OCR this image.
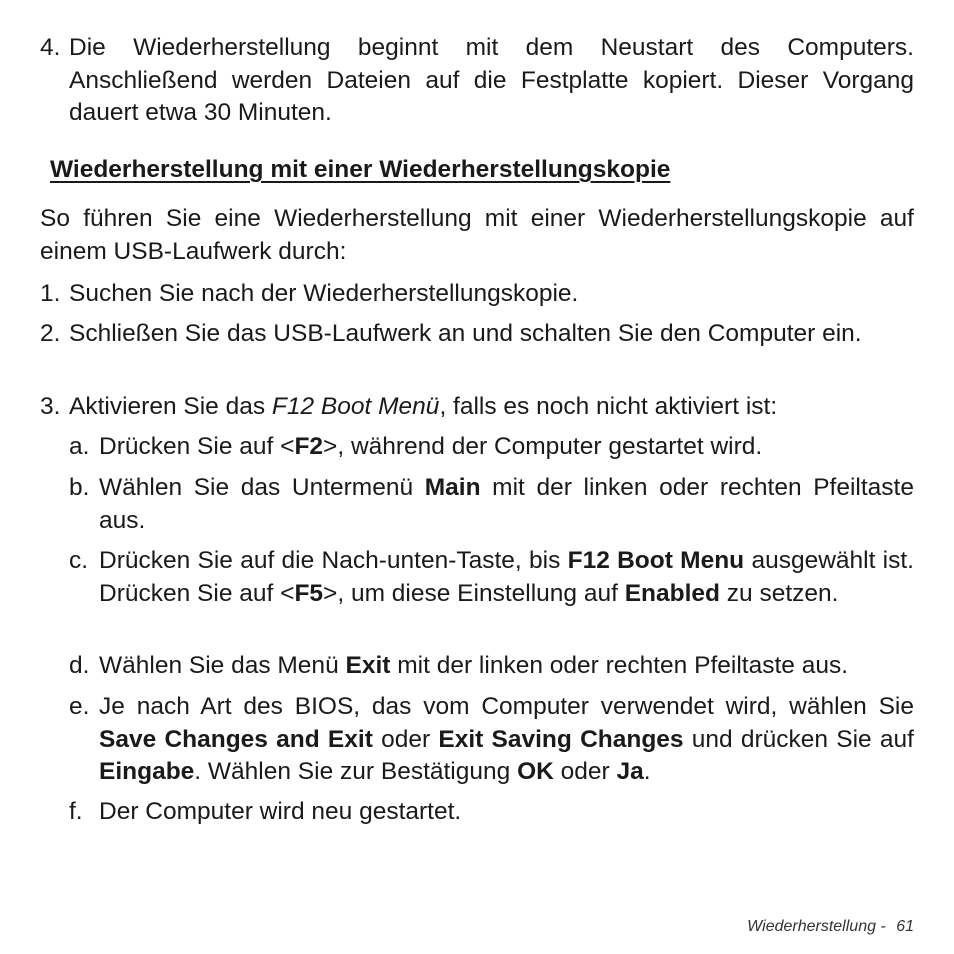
4. Die Wiederherstellung beginnt mit dem Neustart des Computers. Anschließend werden Dateien auf die Festplatte kopiert. Dieser Vorgang dauert etwa 30 Minuten.
Wiederherstellung mit einer Wiederherstellungskopie
So führen Sie eine Wiederherstellung mit einer Wiederherstellungskopie auf einem USB-Laufwerk durch:
1. Suchen Sie nach der Wiederherstellungskopie.
2. Schließen Sie das USB-Laufwerk an und schalten Sie den Computer ein.
3. Aktivieren Sie das F12 Boot Menü, falls es noch nicht aktiviert ist:
a. Drücken Sie auf <F2>, während der Computer gestartet wird.
b. Wählen Sie das Untermenü Main mit der linken oder rechten Pfeiltaste aus.
c. Drücken Sie auf die Nach-unten-Taste, bis F12 Boot Menu ausgewählt ist. Drücken Sie auf <F5>, um diese Einstellung auf Enabled zu setzen.
d. Wählen Sie das Menü Exit mit der linken oder rechten Pfeiltaste aus.
e. Je nach Art des BIOS, das vom Computer verwendet wird, wählen Sie Save Changes and Exit oder Exit Saving Changes und drücken Sie auf Eingabe. Wählen Sie zur Bestätigung OK oder Ja.
f. Der Computer wird neu gestartet.
Wiederherstellung - 61
